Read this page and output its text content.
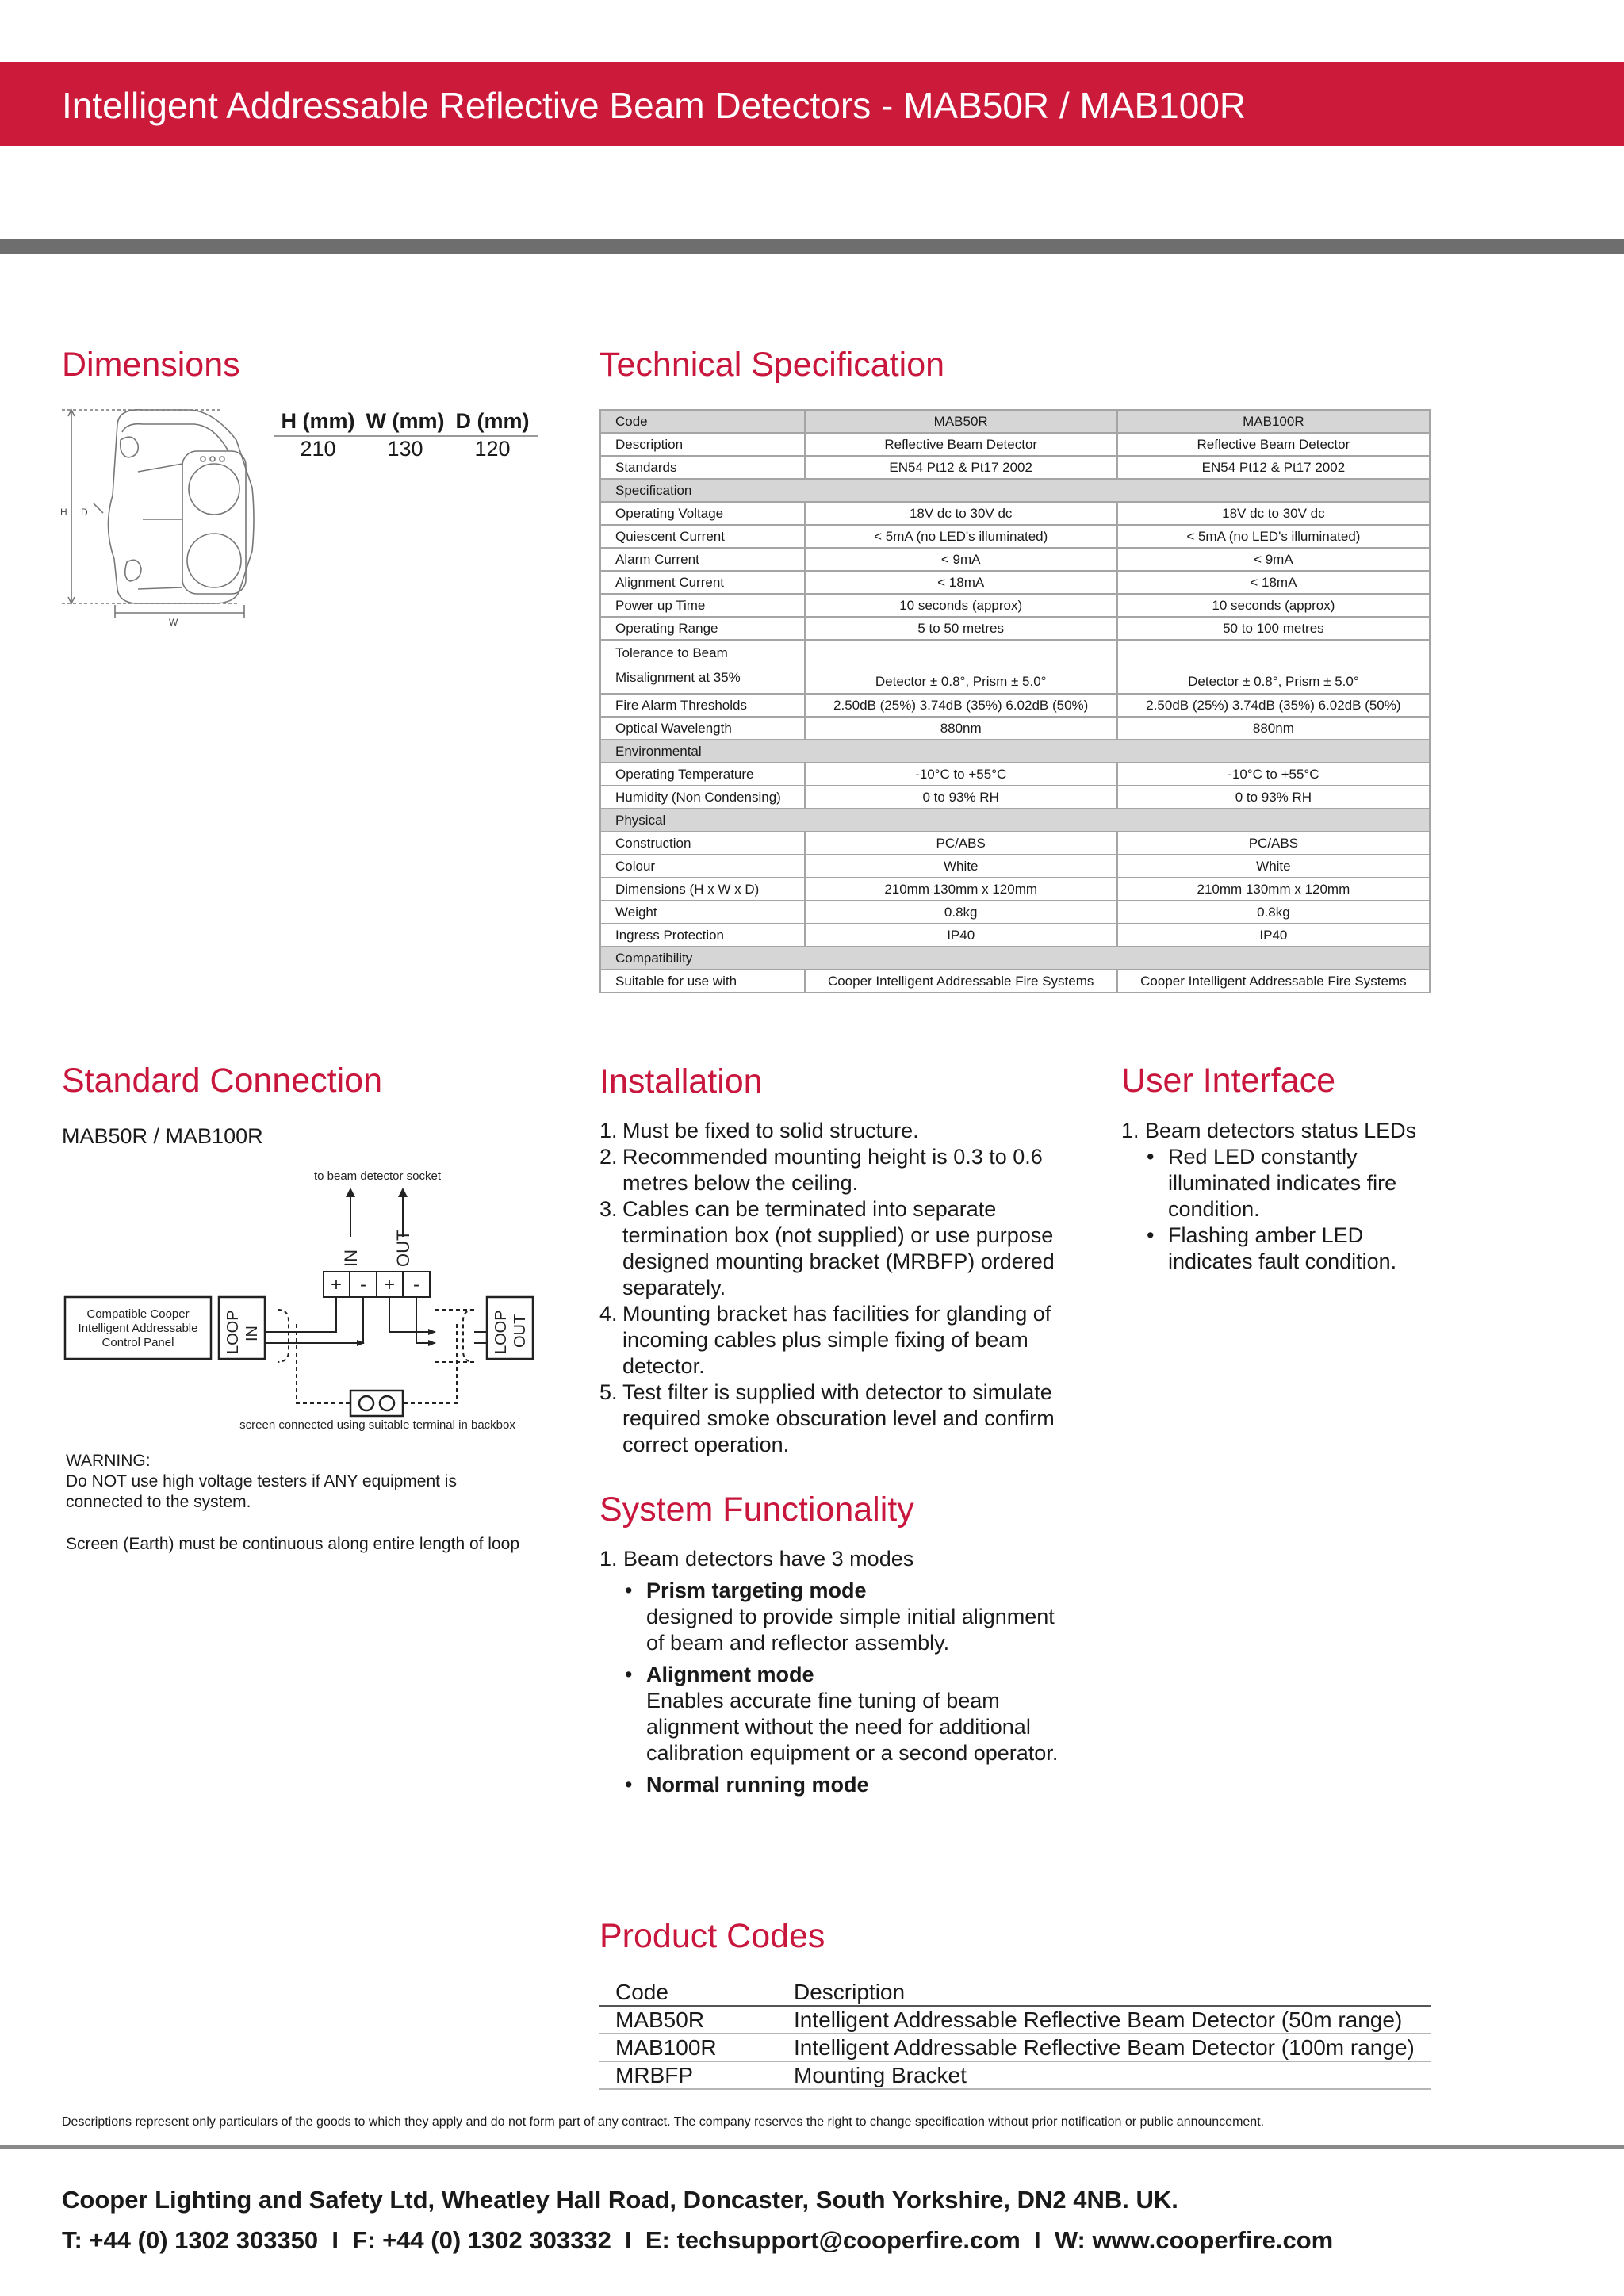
Intelligent Addressable Reflective Beam Detectors - MAB50R / MAB100R
Dimensions
H D
W
H (mm) W (mm) D (mm)
210	130	120
Technical Specification
Code	MAB50R	MAB100R
Description	Reflective Beam Detector	Reflective Beam Detector
Standards	EN54 Pt12 & Pt17 2002	EN54 Pt12 & Pt17 2002
Specification		
Operating Voltage	18V dc to 30V dc	18V dc to 30V dc
Quiescent Current	< 5mA (no LED's illuminated)	< 5mA (no LED's illuminated)
Alarm Current	< 9mA	< 9mA
Alignment Current	< 18mA	< 18mA
Power up Time	10 seconds (approx)	10 seconds (approx)
Operating Range	5 to 50 metres	50 to 100 metres

Tolerance to Beam
Misalignment at 35%	Detector ± 0.8°, Prism ± 5.0°	Detector ± 0.8°, Prism ± 5.0°
Fire Alarm Thresholds	2.50dB (25%) 3.74dB (35%) 6.02dB (50%)	2.50dB (25%) 3.74dB (35%) 6.02dB (50%)
Optical Wavelength	880nm	880nm
Environmental		
Operating Temperature	-10°C to +55°C	-10°C to +55°C
Humidity (Non Condensing)	0 to 93% RH	0 to 93% RH
Physical		
Construction	PC/ABS	PC/ABS
Colour	White	White
Dimensions (H x W x D)	210mm 130mm x 120mm	210mm 130mm x 120mm
Weight	0.8kg	0.8kg
Ingress Protection	IP40	IP40
Compatibility		
Suitable for use with	Cooper Intelligent Addressable Fire Systems	Cooper Intelligent Addressable Fire Systems
Standard Connection
MAB50R / MAB100R
to beam detector socket
IN OUT
+ - + -
Compatible Cooper
Intelligent Addressable
Control Panel	LOOP IN	LOOP OUT
screen connected using suitable terminal in backbox
WARNING:
Do NOT use high voltage testers if ANY equipment is
connected to the system.
Screen (Earth) must be continuous along entire length of loop
Installation
1. Must be fixed to solid structure.
2. Recommended mounting height is 0.3 to 0.6
metres below the ceiling.
3. Cables can be terminated into separate
termination box (not supplied) or use purpose
designed mounting bracket (MRBFP) ordered
separately.
4. Mounting bracket has facilities for glanding of
incoming cables plus simple fixing of beam
detector.
5. Test filter is supplied with detector to simulate
required smoke obscuration level and confirm
correct operation.
User Interface
1. Beam detectors status LEDs
• Red LED constantly
illuminated indicates fire
condition.
• Flashing amber LED
indicates fault condition.
System Functionality
1. Beam detectors have 3 modes
• Prism targeting mode
designed to provide simple initial alignment
of beam and reflector assembly.
• Alignment mode
Enables accurate fine tuning of beam
alignment without the need for additional
calibration equipment or a second operator.
• Normal running mode
Product Codes
Code	Description
MAB50R	Intelligent Addressable Reflective Beam Detector (50m range)
MAB100R	Intelligent Addressable Reflective Beam Detector (100m range)
MRBFP	Mounting Bracket
Descriptions represent only particulars of the goods to which they apply and do not form part of any contract. The company reserves the right to change specification without prior notification or public announcement.
Cooper Lighting and Safety Ltd, Wheatley Hall Road, Doncaster, South Yorkshire, DN2 4NB. UK.
T: +44 (0) 1302 303350  I  F: +44 (0) 1302 303332  I  E: techsupport@cooperfire.com  I  W: www.cooperfire.com
